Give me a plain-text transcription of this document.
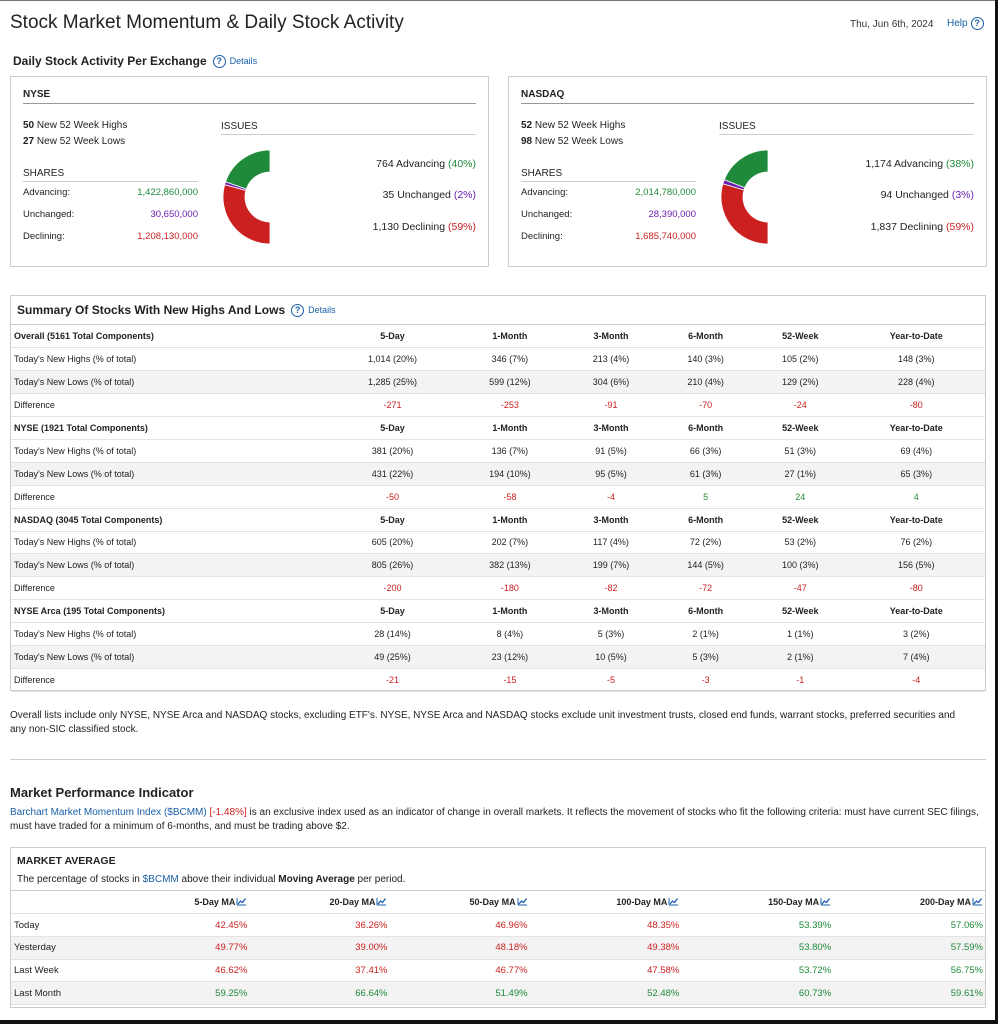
Stock Market Momentum & Daily Stock Activity	Thu, Jun 6th, 2024 Help ?
Daily Stock Activity Per Exchange	? Details
NYSE
50 New 52 Week Highs
27 New 52 Week Lows
SHARES
Advancing:	1,422,860,000
Unchanged:	30,650,000
Declining:	1,208,130,000
ISSUES
764 Advancing (40%)
35 Unchanged (2%)
1,130 Declining (59%)
NASDAQ
52 New 52 Week Highs
98 New 52 Week Lows
SHARES
Advancing:	2,014,780,000
Unchanged:	28,390,000
Declining:	1,685,740,000
ISSUES
1,174 Advancing (38%)
94 Unchanged (3%)
1,837 Declining (59%)
Summary Of Stocks With New Highs And Lows	? Details
Overall (5161 Total Components)	5-Day	1-Month	3-Month	6-Month	52-Week	Year-to-Date
Today's New Highs (% of total)	1,014 (20%)	346 (7%)	213 (4%)	140 (3%)	105 (2%)	148 (3%)
Today's New Lows (% of total)	1,285 (25%)	599 (12%)	304 (6%)	210 (4%)	129 (2%)	228 (4%)
Difference	-271	-253	-91	-70	-24	-80
NYSE (1921 Total Components)	5-Day	1-Month	3-Month	6-Month	52-Week	Year-to-Date
Today's New Highs (% of total)	381 (20%)	136 (7%)	91 (5%)	66 (3%)	51 (3%)	69 (4%)
Today's New Lows (% of total)	431 (22%)	194 (10%)	95 (5%)	61 (3%)	27 (1%)	65 (3%)
Difference	-50	-58	-4	5	24	4
NASDAQ (3045 Total Components)	5-Day	1-Month	3-Month	6-Month	52-Week	Year-to-Date
Today's New Highs (% of total)	605 (20%)	202 (7%)	117 (4%)	72 (2%)	53 (2%)	76 (2%)
Today's New Lows (% of total)	805 (26%)	382 (13%)	199 (7%)	144 (5%)	100 (3%)	156 (5%)
Difference	-200	-180	-82	-72	-47	-80
NYSE Arca (195 Total Components)	5-Day	1-Month	3-Month	6-Month	52-Week	Year-to-Date
Today's New Highs (% of total)	28 (14%)	8 (4%)	5 (3%)	2 (1%)	1 (1%)	3 (2%)
Today's New Lows (% of total)	49 (25%)	23 (12%)	10 (5%)	5 (3%)	2 (1%)	7 (4%)
Difference	-21	-15	-5	-3	-1	-4

Overall lists include only NYSE, NYSE Arca and NASDAQ stocks, excluding ETF's. NYSE, NYSE Arca and NASDAQ stocks exclude unit investment trusts, closed end funds, warrant stocks, preferred securities and any non-SIC classified stock.

Market Performance Indicator

Barchart Market Momentum Index ($BCMM) [-1.48%] is an exclusive index used as an indicator of change in overall markets. It reflects the movement of stocks who fit the following criteria: must have current SEC filings, must have traded for a minimum of 6-months, and must be trading above $2.

MARKET AVERAGE
The percentage of stocks in $BCMM above their individual Moving Average per period.
	5-Day MA	20-Day MA	50-Day MA	100-Day MA	150-Day MA	200-Day MA
Today	42.45%	36.26%	46.96%	48.35%	53.39%	57.06%
Yesterday	49.77%	39.00%	48.18%	49.38%	53.80%	57.59%
Last Week	46.62%	37.41%	46.77%	47.58%	53.72%	56.75%
Last Month	59.25%	66.64%	51.49%	52.48%	60.73%	59.61%
